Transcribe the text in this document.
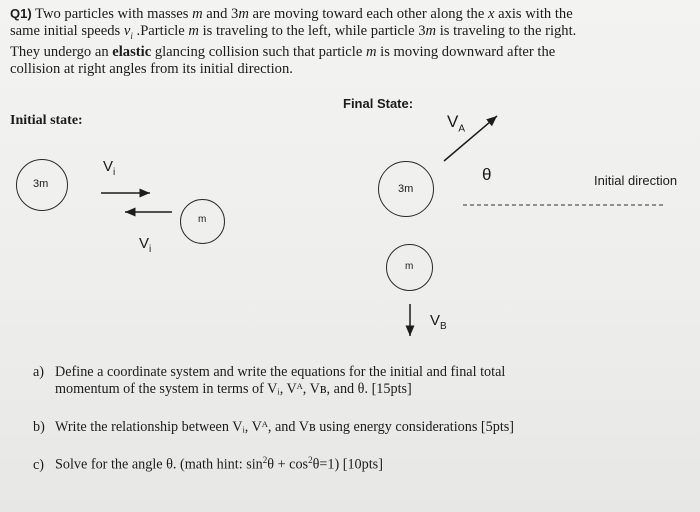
Q1) Two particles with masses m and 3m are moving toward each other along the x axis with the
same initial speeds $v_i$ .Particle m is traveling to the left, while particle 3m is traveling to the right.
They undergo an elastic glancing collision such that particle m is moving downward after the
collision at right angles from its initial direction.
Initial state:
Final State:
3m
m
$V_i$
$V_i$
3m
m
$V_A$
$V_B$
θ	Initial direction
a) Define a coordinate system and write the equations for the initial and final total
momentum of the system in terms of Vᵢ, Vᴬ, Vʙ, and θ. [15pts]
b) Write the relationship between Vᵢ, Vᴬ, and Vʙ using energy considerations [5pts]
c) Solve for the angle θ. (math hint: $\sin^2\theta + \cos^2\theta=1$) [10pts]
